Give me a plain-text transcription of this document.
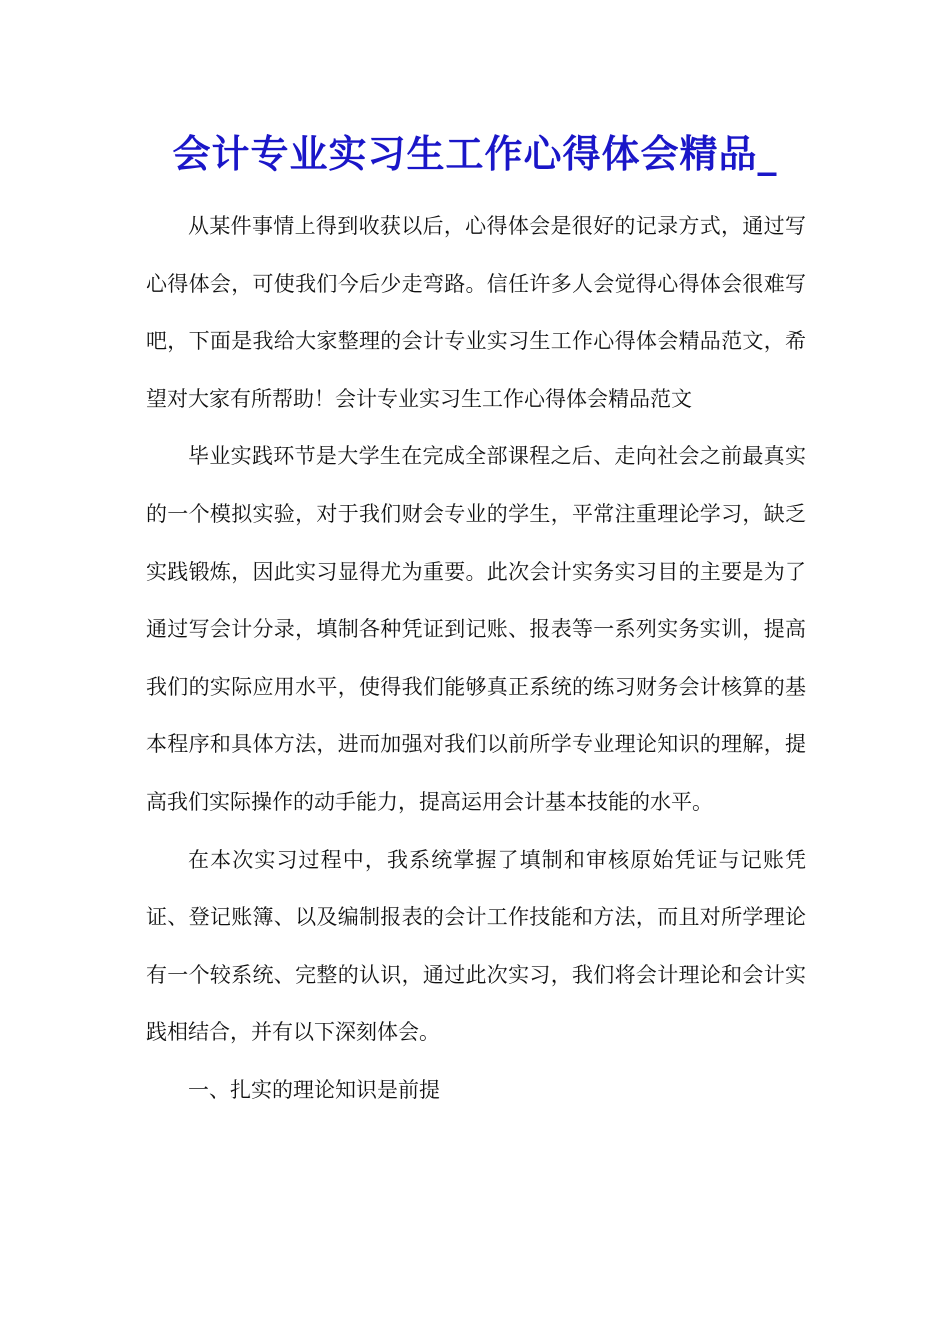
会计专业实习生工作心得体会精品_

从某件事情上得到收获以后，心得体会是很好的记录方式，通过写心得体会，可使我们今后少走弯路。信任许多人会觉得心得体会很难写吧，下面是我给大家整理的会计专业实习生工作心得体会精品范文，希望对大家有所帮助！会计专业实习生工作心得体会精品范文

毕业实践环节是大学生在完成全部课程之后、走向社会之前最真实的一个模拟实验，对于我们财会专业的学生，平常注重理论学习，缺乏实践锻炼，因此实习显得尤为重要。此次会计实务实习目的主要是为了通过写会计分录，填制各种凭证到记账、报表等一系列实务实训，提高我们的实际应用水平，使得我们能够真正系统的练习财务会计核算的基本程序和具体方法，进而加强对我们以前所学专业理论知识的理解，提高我们实际操作的动手能力，提高运用会计基本技能的水平。

在本次实习过程中，我系统掌握了填制和审核原始凭证与记账凭证、登记账簿、以及编制报表的会计工作技能和方法，而且对所学理论有一个较系统、完整的认识，通过此次实习，我们将会计理论和会计实践相结合，并有以下深刻体会。

一、扎实的理论知识是前提
